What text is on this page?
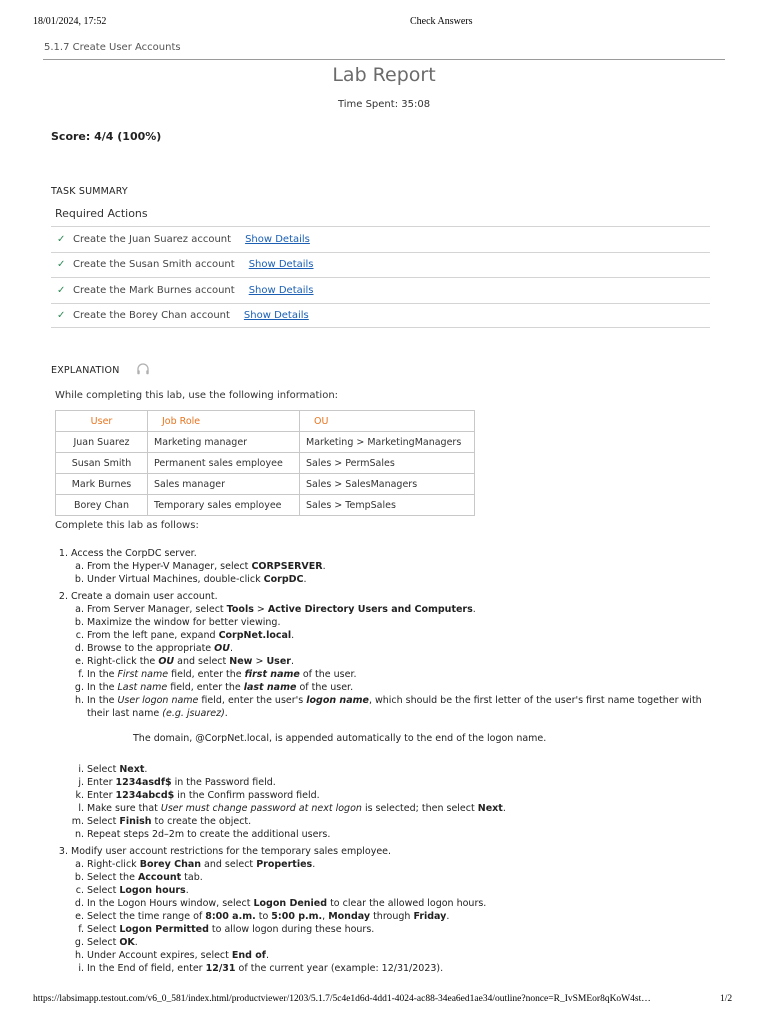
18/01/2024, 17:52	Check Answers
5.1.7 Create User Accounts
Lab Report
Time Spent: 35:08
Score: 4/4 (100%)
TASK SUMMARY
Required Actions
✓ Create the Juan Suarez account Show Details
✓ Create the Susan Smith account Show Details
✓ Create the Mark Burnes account Show Details
✓ Create the Borey Chan account Show Details
EXPLANATION
While completing this lab, use the following information:
User	Job Role	OU
Juan Suarez	Marketing manager	Marketing > MarketingManagers
Susan Smith	Permanent sales employee	Sales > PermSales
Mark Burnes	Sales manager	Sales > SalesManagers
Borey Chan	Temporary sales employee	Sales > TempSales
Complete this lab as follows:
1. Access the CorpDC server.
a. From the Hyper-V Manager, select CORPSERVER.
b. Under Virtual Machines, double-click CorpDC.
2. Create a domain user account.
a. From Server Manager, select Tools > Active Directory Users and Computers.
b. Maximize the window for better viewing.
c. From the left pane, expand CorpNet.local.
d. Browse to the appropriate OU.
e. Right-click the OU and select New > User.
f. In the First name field, enter the first name of the user.
g. In the Last name field, enter the last name of the user.
h. In the User logon name field, enter the user's logon name, which should be the first letter of the user's first name together with their last name (e.g. jsuarez).
The domain, @CorpNet.local, is appended automatically to the end of the logon name.
i. Select Next.
j. Enter 1234asdf$ in the Password field.
k. Enter 1234abcd$ in the Confirm password field.
l. Make sure that User must change password at next logon is selected; then select Next.
m. Select Finish to create the object.
n. Repeat steps 2d–2m to create the additional users.
3. Modify user account restrictions for the temporary sales employee.
a. Right-click Borey Chan and select Properties.
b. Select the Account tab.
c. Select Logon hours.
d. In the Logon Hours window, select Logon Denied to clear the allowed logon hours.
e. Select the time range of 8:00 a.m. to 5:00 p.m., Monday through Friday.
f. Select Logon Permitted to allow logon during these hours.
g. Select OK.
h. Under Account expires, select End of.
i. In the End of field, enter 12/31 of the current year (example: 12/31/2023).
https://labsimapp.testout.com/v6_0_581/index.html/productviewer/1203/5.1.7/5c4e1d6d-4dd1-4024-ac88-34ea6ed1ae34/outline?nonce=R_IvSMEor8qKoW4st…	1/2
